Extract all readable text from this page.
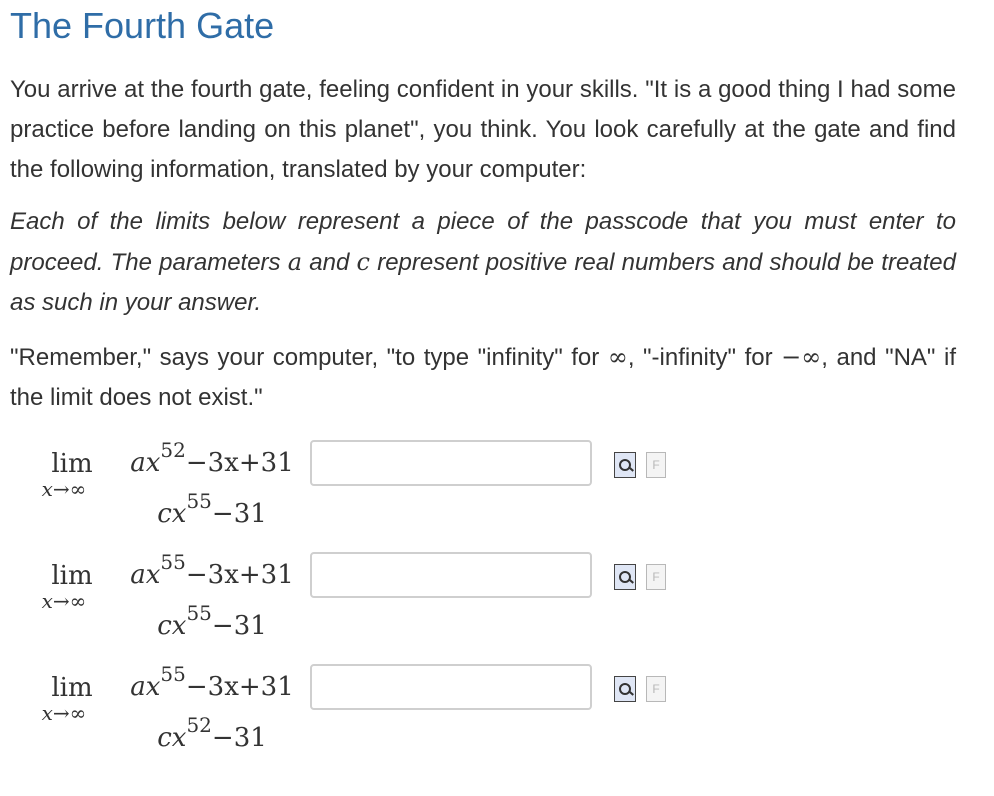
The Fourth Gate

You arrive at the fourth gate, feeling confident in your skills. "It is a good thing I had some practice before landing on this planet", you think. You look carefully at the gate and find the following information, translated by your computer:

Each of the limits below represent a piece of the passcode that you must enter to proceed. The parameters a and c represent positive real numbers and should be treated as such in your answer.

"Remember," says your computer, "to type "infinity" for ∞, "-infinity" for −∞, and "NA" if the limit does not exist."

lim
x→∞
$ax^{52}-3x+31$
$cx^{55}-31$
F
lim
x→∞
$ax^{55}-3x+31$
$cx^{55}-31$
F
lim
x→∞
$ax^{55}-3x+31$
$cx^{52}-31$
F
